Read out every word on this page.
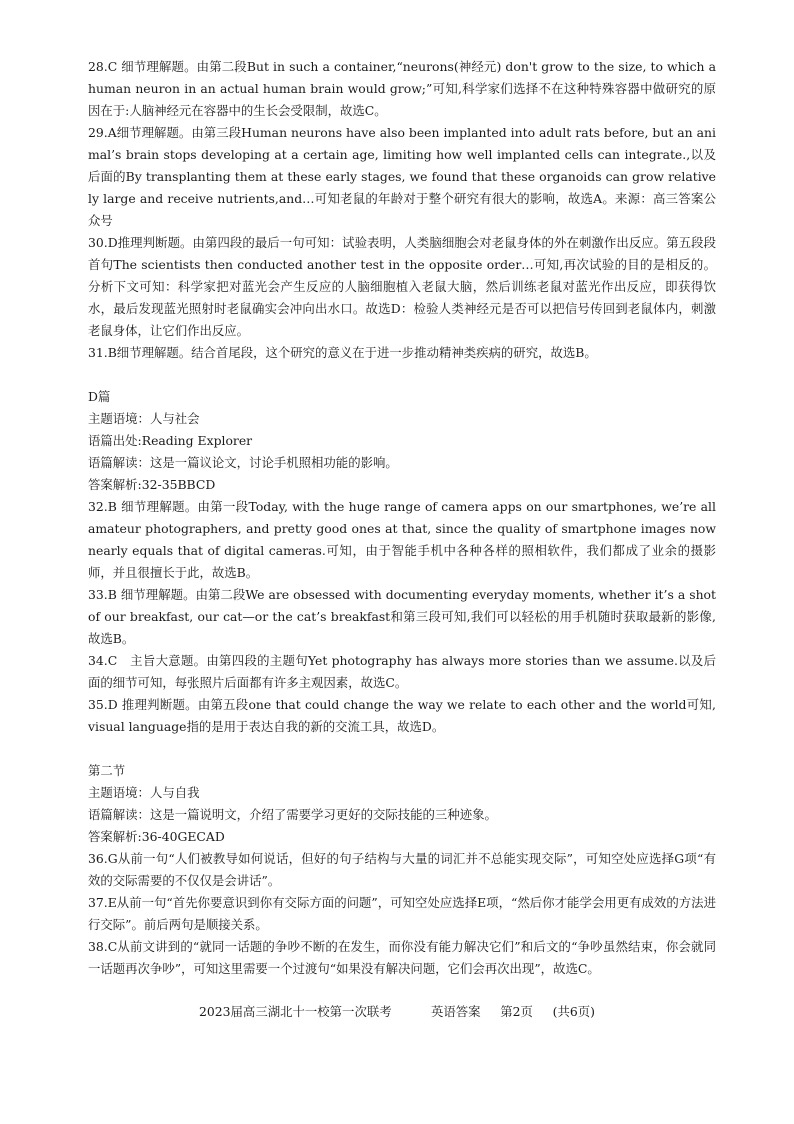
28.C 细节理解题。由第二段But in such a container,“neurons(神经元) don't grow to the size, to which a human neuron in an actual human brain would grow;”可知,科学家们选择不在这种特殊容器中做研究的原因在于:人脑神经元在容器中的生长会受限制，故选C。

29.A细节理解题。由第三段Human neurons have also been implanted into adult rats before, but an animal’s brain stops developing at a certain age, limiting how well implanted cells can integrate.,以及后面的By transplanting them at these early stages, we found that these organoids can grow relatively large and receive nutrients,and…可知老鼠的年龄对于整个研究有很大的影响，故选A。来源：高三答案公众号

30.D推理判断题。由第四段的最后一句可知：试验表明，人类脑细胞会对老鼠身体的外在刺激作出反应。第五段段首句The scientists then conducted another test in the opposite order…可知,再次试验的目的是相反的。分析下文可知：科学家把对蓝光会产生反应的人脑细胞植入老鼠大脑，然后训练老鼠对蓝光作出反应，即获得饮水，最后发现蓝光照射时老鼠确实会冲向出水口。故选D：检验人类神经元是否可以把信号传回到老鼠体内，刺激老鼠身体，让它们作出反应。

31.B细节理解题。结合首尾段，这个研究的意义在于进一步推动精神类疾病的研究，故选B。

D篇

主题语境：人与社会

语篇出处:Reading Explorer

语篇解读：这是一篇议论文，讨论手机照相功能的影响。

答案解析:32-35BBCD

32.B 细节理解题。由第一段Today, with the huge range of camera apps on our smartphones, we’re all amateur photographers, and pretty good ones at that, since the quality of smartphone images now nearly equals that of digital cameras.可知，由于智能手机中各种各样的照相软件，我们都成了业余的摄影师，并且很擅长于此，故选B。

33.B 细节理解题。由第二段We are obsessed with documenting everyday moments, whether it’s a shot of our breakfast, our cat—or the cat’s breakfast和第三段可知,我们可以轻松的用手机随时获取最新的影像,故选B。

34.C　主旨大意题。由第四段的主题句Yet photography has always more stories than we assume.以及后面的细节可知，每张照片后面都有许多主观因素，故选C。

35.D 推理判断题。由第五段one that could change the way we relate to each other and the world可知, visual language指的是用于表达自我的新的交流工具，故选D。

第二节

主题语境：人与自我

语篇解读：这是一篇说明文，介绍了需要学习更好的交际技能的三种迹象。

答案解析:36-40GECAD

36.G从前一句“人们被教导如何说话，但好的句子结构与大量的词汇并不总能实现交际”，可知空处应选择G项“有效的交际需要的不仅仅是会讲话”。

37.E从前一句“首先你要意识到你有交际方面的问题”，可知空处应选择E项，“然后你才能学会用更有成效的方法进行交际”。前后两句是顺接关系。

38.C从前文讲到的“就同一话题的争吵不断的在发生，而你没有能力解决它们”和后文的“争吵虽然结束，你会就同一话题再次争吵”，可知这里需要一个过渡句“如果没有解决问题，它们会再次出现”，故选C。

2023届高三湖北十一校第一次联考	英语答案 第2页 (共6页)
